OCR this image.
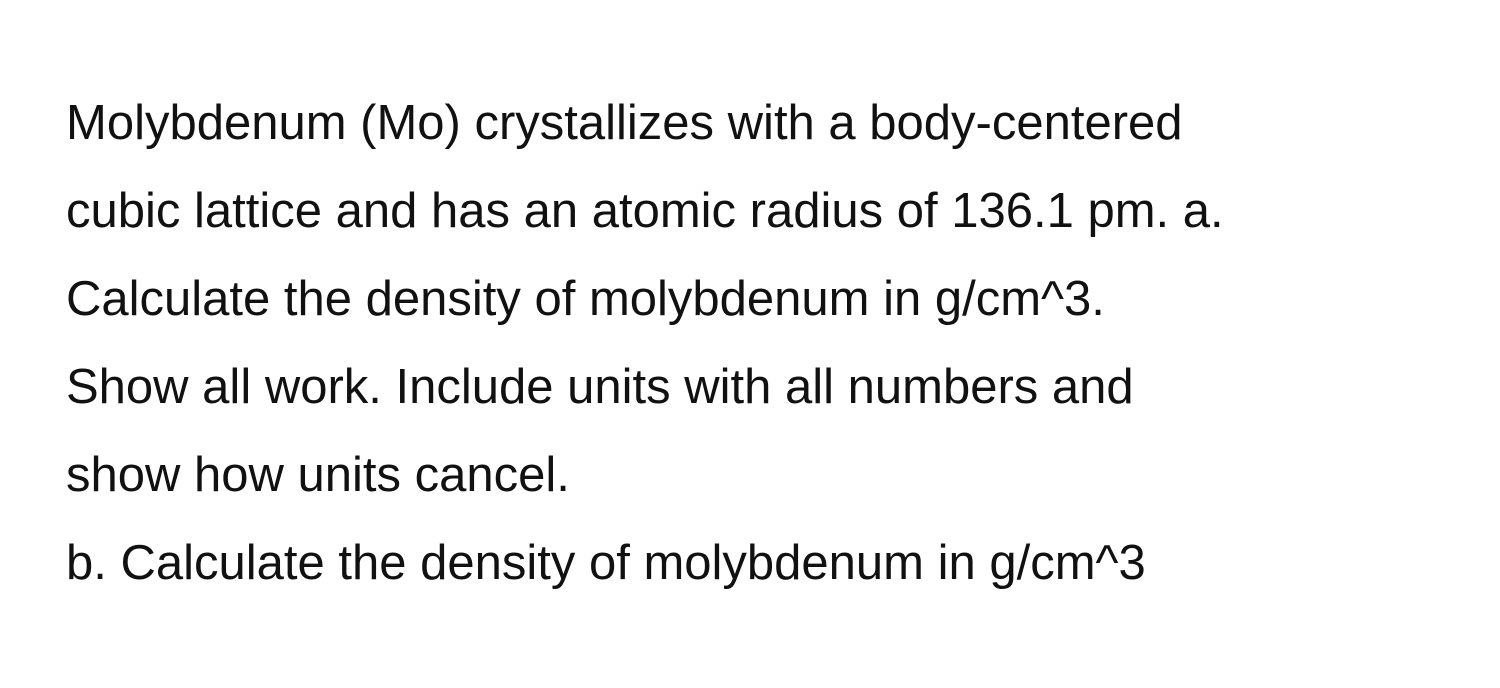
Molybdenum (Mo) crystallizes with a body-centered
cubic lattice and has an atomic radius of 136.1 pm. a.
Calculate the density of molybdenum in g/cm^3.
Show all work. Include units with all numbers and
show how units cancel.
b. Calculate the density of molybdenum in g/cm^3
